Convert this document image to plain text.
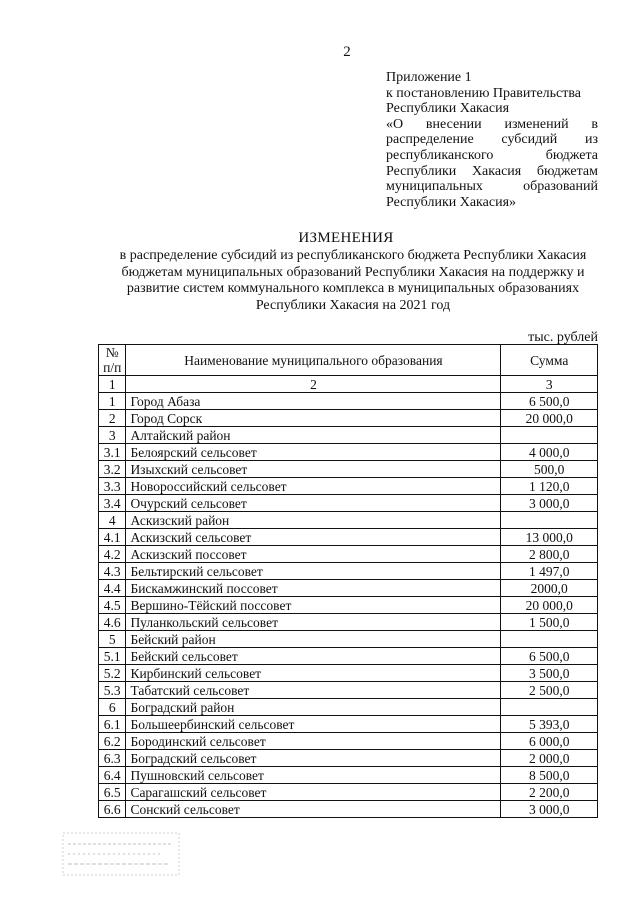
2
Приложение 1
к постановлению Правительства
Республики Хакасия
«О внесении изменений в
распределение субсидий из
республиканского бюджета
Республики Хакасия бюджетам
муниципальных образований
Республики Хакасия»
ИЗМЕНЕНИЯ
в распределение субсидий из республиканского бюджета Республики Хакасия
бюджетам муниципальных образований Республики Хакасия на поддержку и
развитие систем коммунального комплекса в муниципальных образованиях
Республики Хакасия на 2021 год
тыс. рублей
№
п/п	Наименование муниципального образования	Сумма
1	2	3
1	Город Абаза	6 500,0
2	Город Сорск	20 000,0
3	Алтайский район	
3.1	Белоярский сельсовет	4 000,0
3.2	Изыхский сельсовет	500,0
3.3	Новороссийский сельсовет	1 120,0
3.4	Очурский сельсовет	3 000,0
4	Аскизский район	
4.1	Аскизский сельсовет	13 000,0
4.2	Аскизский поссовет	2 800,0
4.3	Бельтирский сельсовет	1 497,0
4.4	Бискамжинский поссовет	2000,0
4.5	Вершино-Тёйский поссовет	20 000,0
4.6	Пуланкольский сельсовет	1 500,0
5	Бейский район	
5.1	Бейский сельсовет	6 500,0
5.2	Кирбинский сельсовет	3 500,0
5.3	Табатский сельсовет	2 500,0
6	Боградский район	
6.1	Большеербинский сельсовет	5 393,0
6.2	Бородинский сельсовет	6 000,0
6.3	Боградский сельсовет	2 000,0
6.4	Пушновский сельсовет	8 500,0
6.5	Сарагашский сельсовет	2 200,0
6.6	Сонский сельсовет	3 000,0
